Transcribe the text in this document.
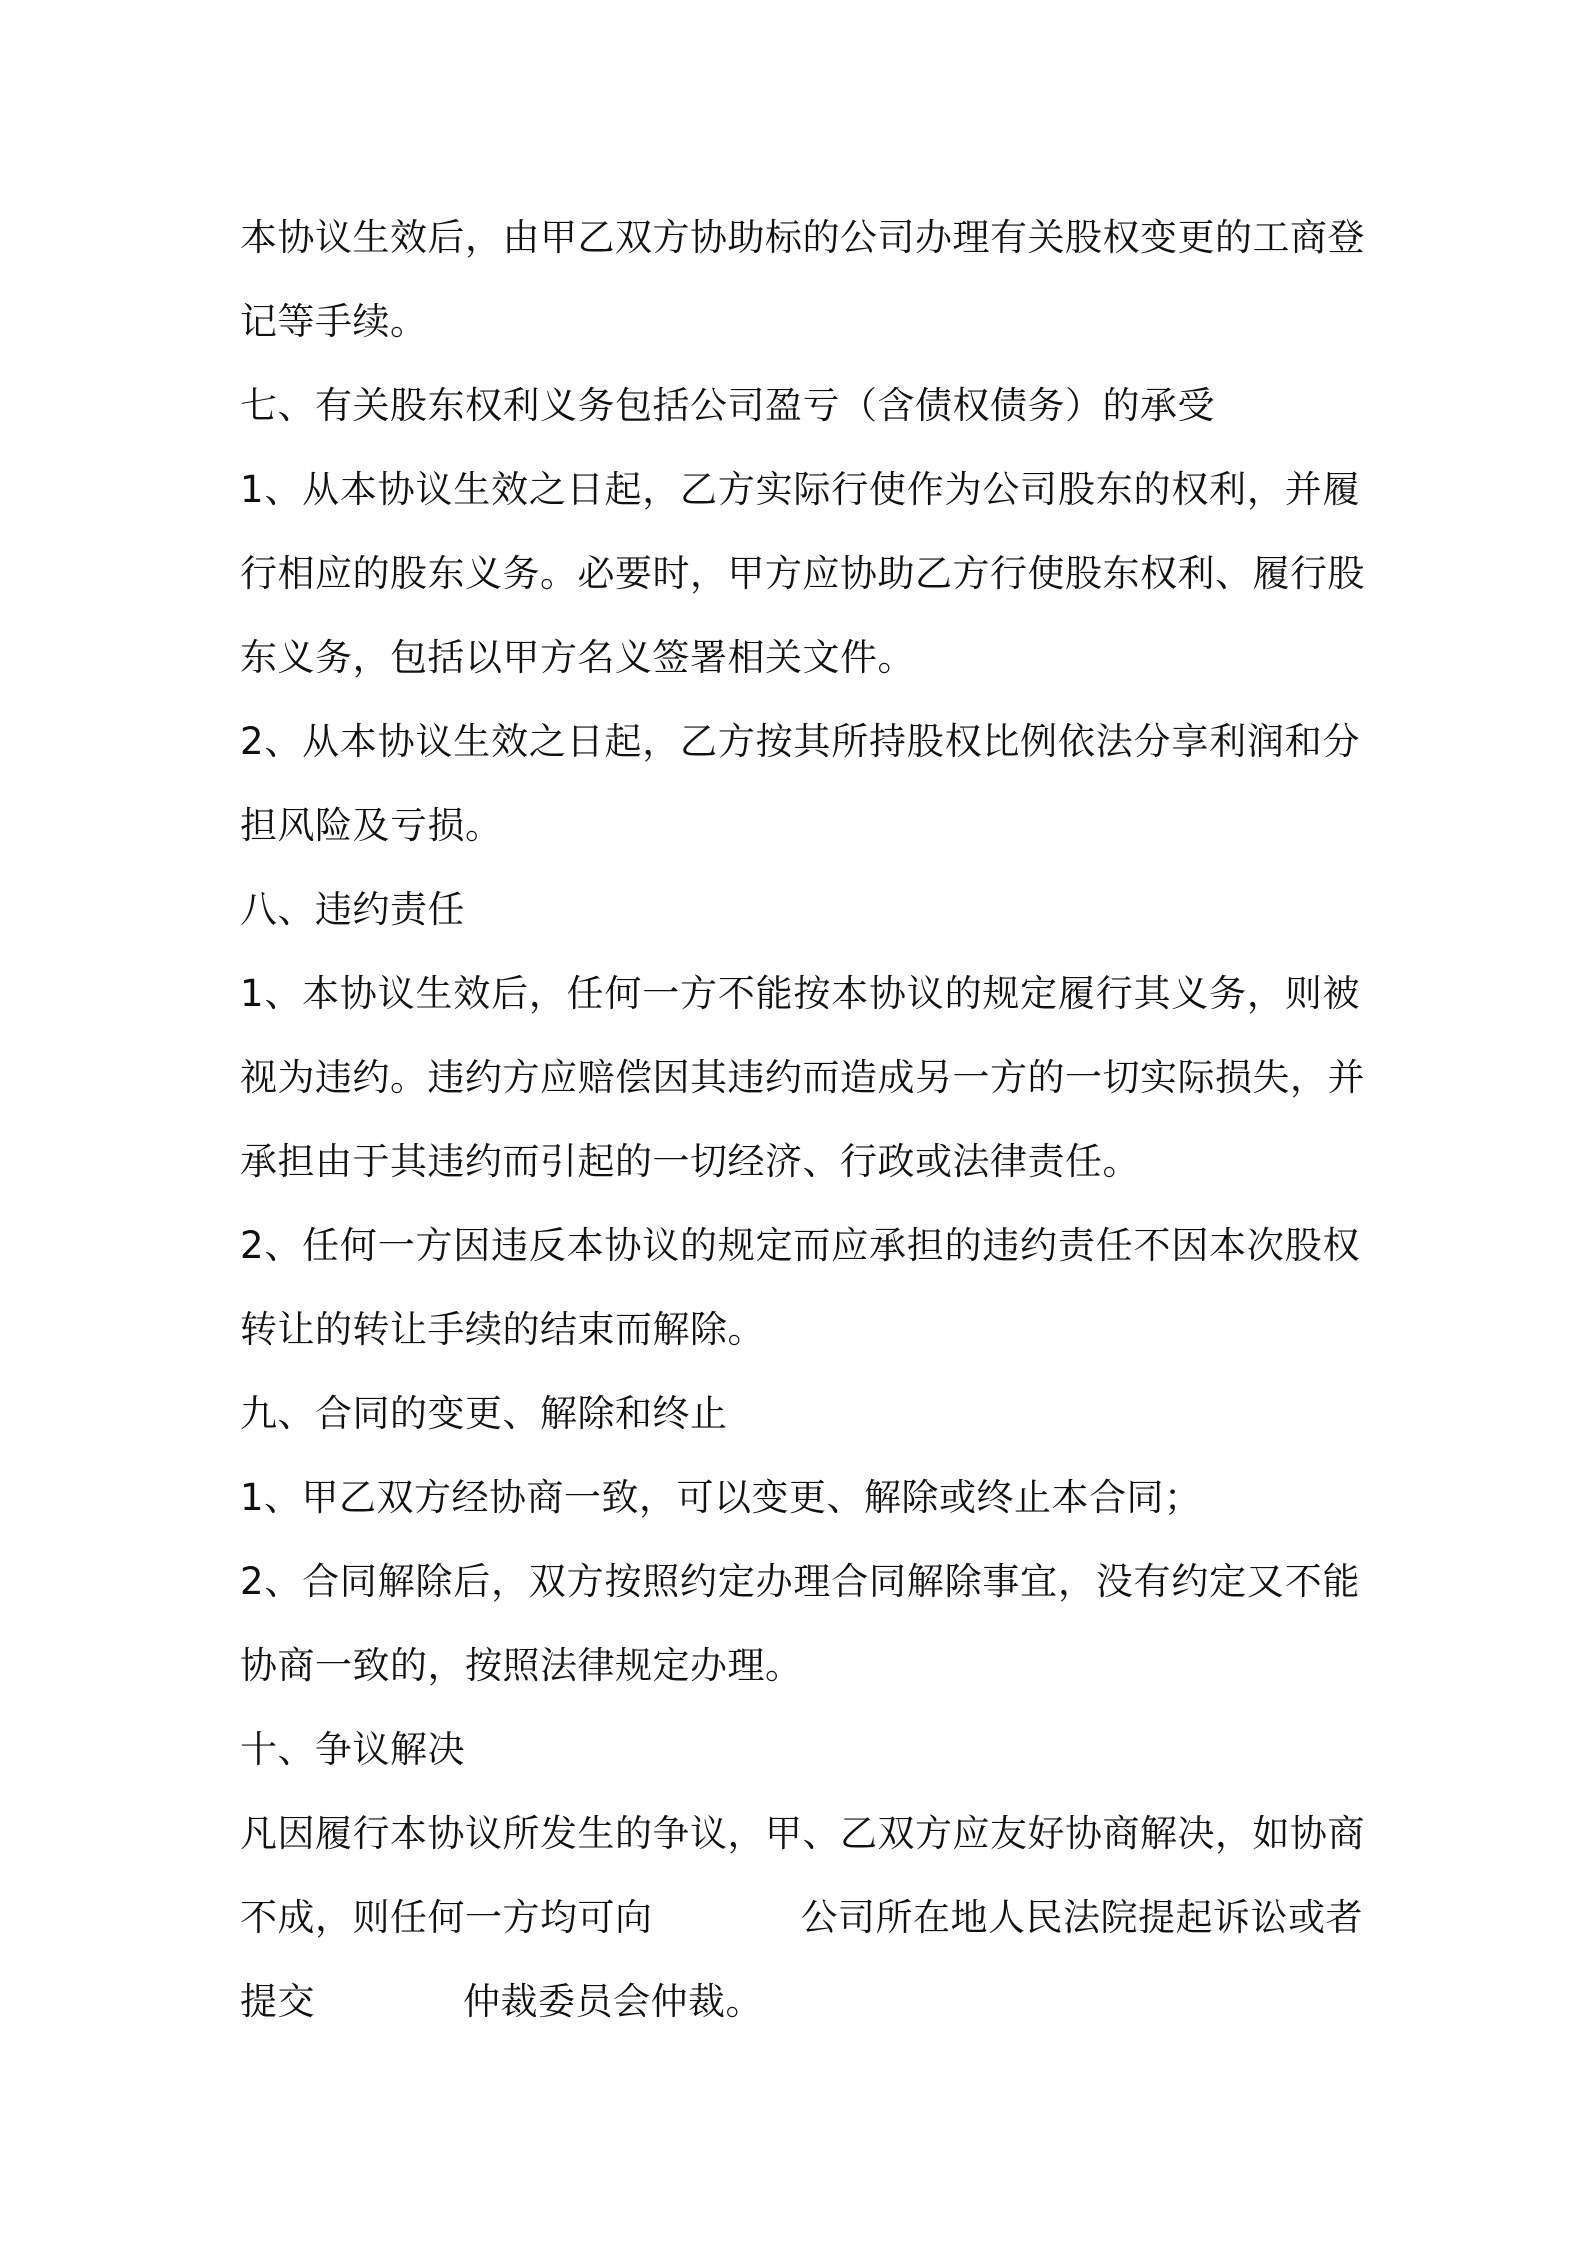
本协议生效后，由甲乙双方协助标的公司办理有关股权变更的工商登
记等手续。
七、有关股东权利义务包括公司盈亏（含债权债务）的承受
1、从本协议生效之日起，乙方实际行使作为公司股东的权利，并履
行相应的股东义务。必要时，甲方应协助乙方行使股东权利、履行股
东义务，包括以甲方名义签署相关文件。
2、从本协议生效之日起，乙方按其所持股权比例依法分享利润和分
担风险及亏损。
八、违约责任
1、本协议生效后，任何一方不能按本协议的规定履行其义务，则被
视为违约。违约方应赔偿因其违约而造成另一方的一切实际损失，并
承担由于其违约而引起的一切经济、行政或法律责任。
2、任何一方因违反本协议的规定而应承担的违约责任不因本次股权
转让的转让手续的结束而解除。
九、合同的变更、解除和终止
1、甲乙双方经协商一致，可以变更、解除或终止本合同；
2、合同解除后，双方按照约定办理合同解除事宜，没有约定又不能
协商一致的，按照法律规定办理。
十、争议解决
凡因履行本协议所发生的争议，甲、乙双方应友好协商解决，如协商
不成，则任何一方均可向	公司所在地人民法院提起诉讼或者
提交	仲裁委员会仲裁。
